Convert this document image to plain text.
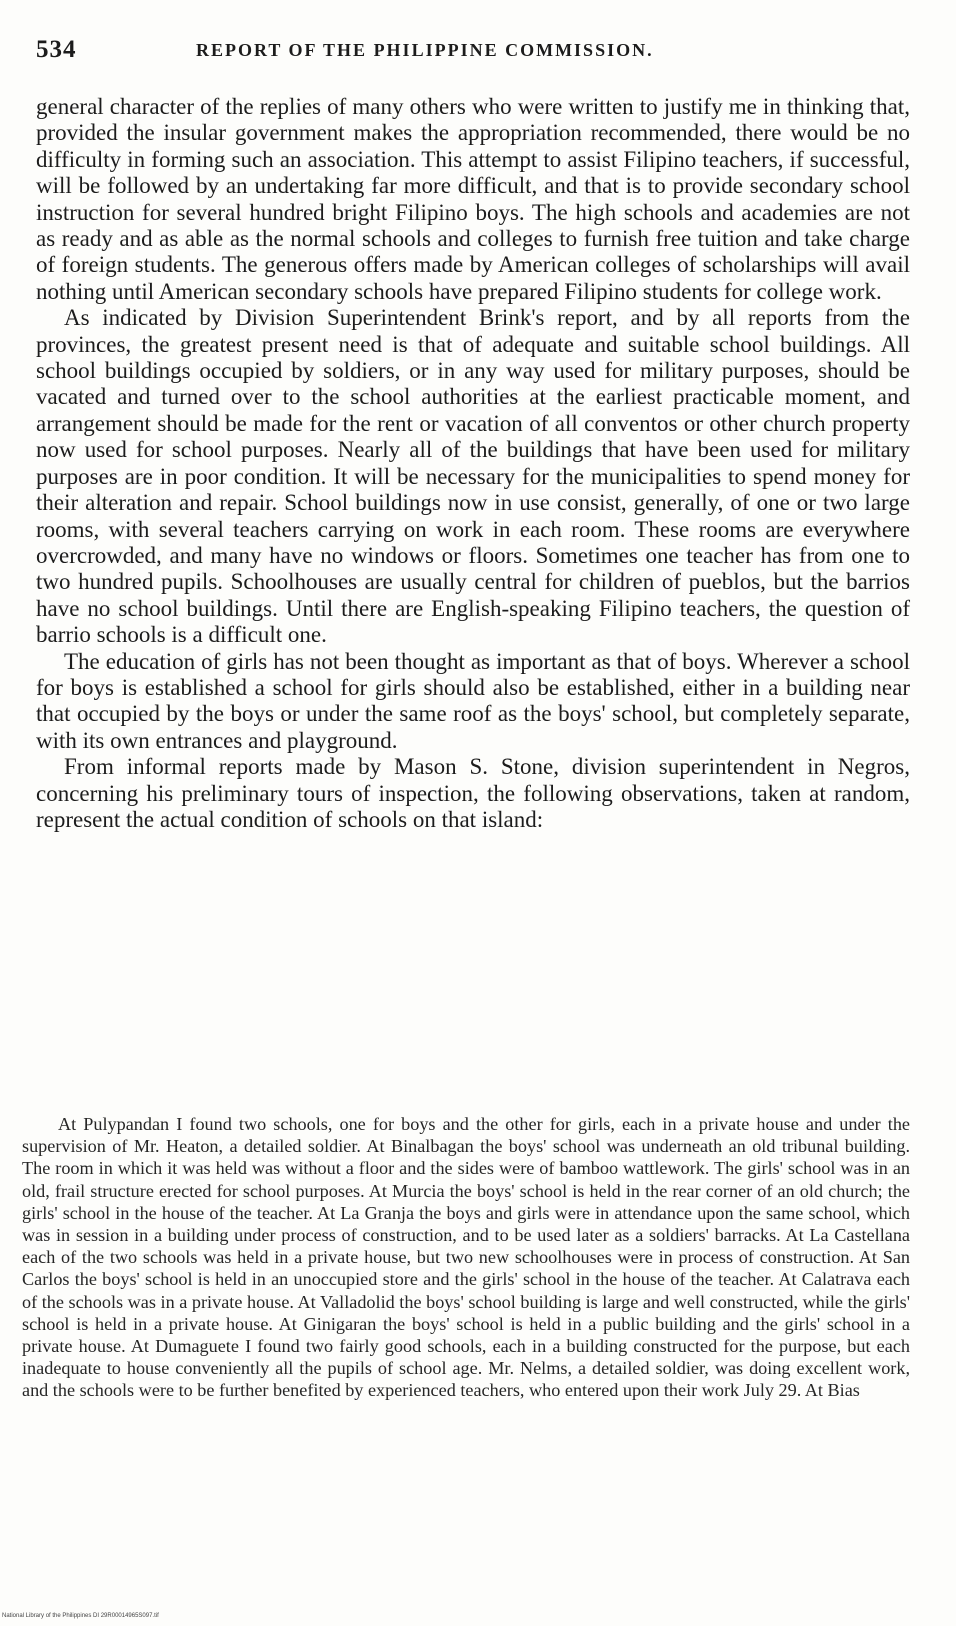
534	REPORT OF THE PHILIPPINE COMMISSION.

general character of the replies of many others who were written to justify me in thinking that, provided the insular government makes the appropriation recommended, there would be no difficulty in forming such an association. This attempt to assist Filipino teachers, if successful, will be followed by an undertaking far more difficult, and that is to provide secondary school instruction for several hundred bright Filipino boys. The high schools and academies are not as ready and as able as the normal schools and colleges to furnish free tuition and take charge of foreign students. The generous offers made by American colleges of scholarships will avail nothing until American secondary schools have prepared Filipino students for college work.

As indicated by Division Superintendent Brink's report, and by all reports from the provinces, the greatest present need is that of adequate and suitable school buildings. All school buildings occupied by soldiers, or in any way used for military purposes, should be vacated and turned over to the school authorities at the earliest practicable moment, and arrangement should be made for the rent or vacation of all conventos or other church property now used for school purposes. Nearly all of the buildings that have been used for military purposes are in poor condition. It will be necessary for the municipalities to spend money for their alteration and repair. School buildings now in use consist, generally, of one or two large rooms, with several teachers carrying on work in each room. These rooms are everywhere overcrowded, and many have no windows or floors. Sometimes one teacher has from one to two hundred pupils. Schoolhouses are usually central for children of pueblos, but the barrios have no school buildings. Until there are English-speaking Filipino teachers, the question of barrio schools is a difficult one.

The education of girls has not been thought as important as that of boys. Wherever a school for boys is established a school for girls should also be established, either in a building near that occupied by the boys or under the same roof as the boys' school, but completely separate, with its own entrances and playground.

From informal reports made by Mason S. Stone, division superintendent in Negros, concerning his preliminary tours of inspection, the following observations, taken at random, represent the actual condition of schools on that island:

At Pulypandan I found two schools, one for boys and the other for girls, each in a private house and under the supervision of Mr. Heaton, a detailed soldier. At Binalbagan the boys' school was underneath an old tribunal building. The room in which it was held was without a floor and the sides were of bamboo wattlework. The girls' school was in an old, frail structure erected for school purposes. At Murcia the boys' school is held in the rear corner of an old church; the girls' school in the house of the teacher. At La Granja the boys and girls were in attendance upon the same school, which was in session in a building under process of construction, and to be used later as a soldiers' barracks. At La Castellana each of the two schools was held in a private house, but two new schoolhouses were in process of construction. At San Carlos the boys' school is held in an unoccupied store and the girls' school in the house of the teacher. At Calatrava each of the schools was in a private house. At Valladolid the boys' school building is large and well constructed, while the girls' school is held in a private house. At Ginigaran the boys' school is held in a public building and the girls' school in a private house. At Dumaguete I found two fairly good schools, each in a building constructed for the purpose, but each inadequate to house conveniently all the pupils of school age. Mr. Nelms, a detailed soldier, was doing excellent work, and the schools were to be further benefited by experienced teachers, who entered upon their work July 29. At Bias

National Library of the Philippines DI 29R00014965S097.tif
